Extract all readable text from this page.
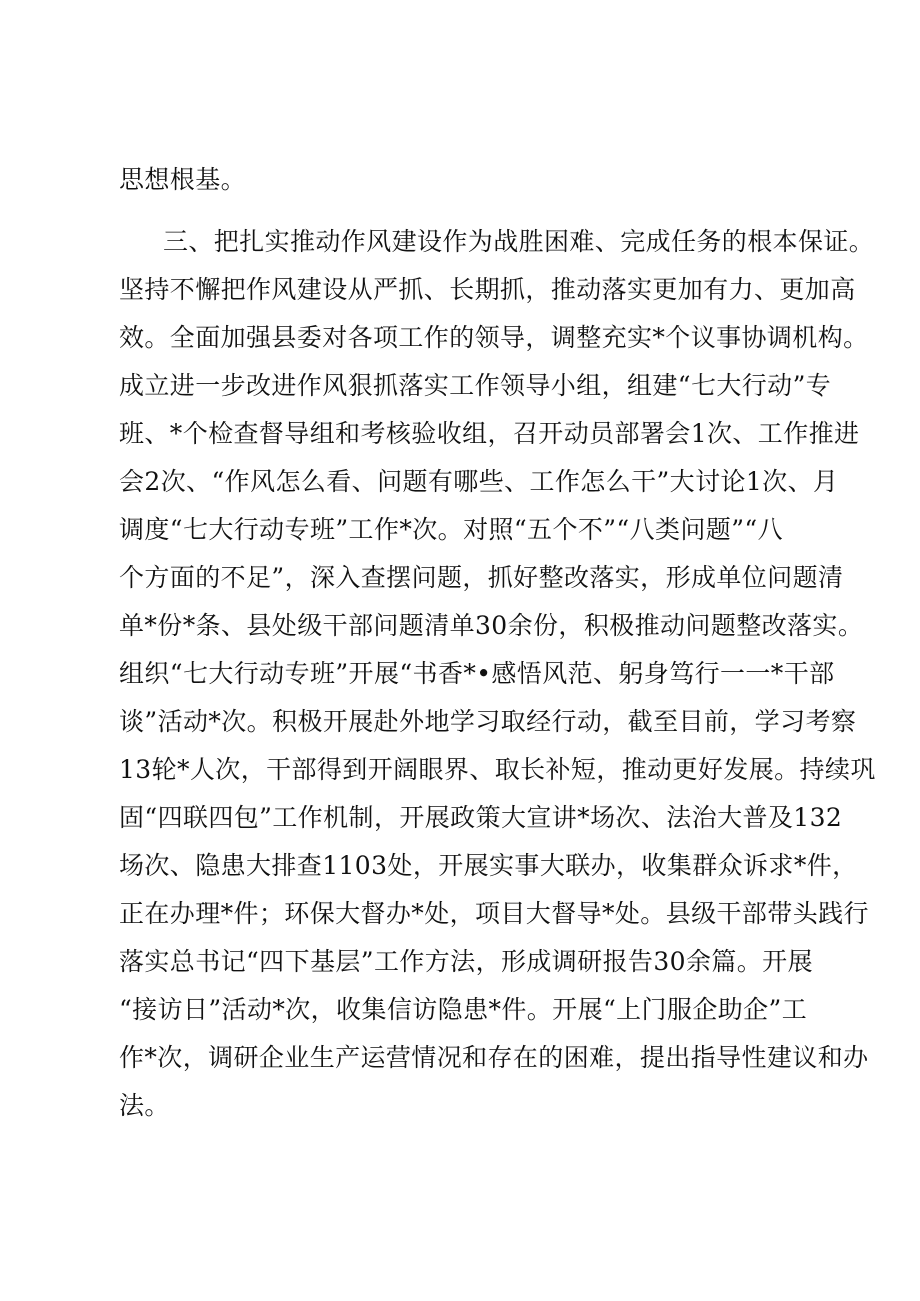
思想根基。
三、把扎实推动作风建设作为战胜困难、完成任务的根本保证。
坚持不懈把作风建设从严抓、长期抓，推动落实更加有力、更加高
效。全面加强县委对各项工作的领导，调整充实*个议事协调机构。
成立进一步改进作风狠抓落实工作领导小组，组建“七大行动”专
班、*个检查督导组和考核验收组，召开动员部署会1次、工作推进
会2次、“作风怎么看、问题有哪些、工作怎么干”大讨论1次、月
调度“七大行动专班”工作*次。对照“五个不”“八类问题”“八
个方面的不足”，深入查摆问题，抓好整改落实，形成单位问题清
单*份*条、县处级干部问题清单30余份，积极推动问题整改落实。
组织“七大行动专班”开展“书香*•感悟风范、躬身笃行一一*干部
谈”活动*次。积极开展赴外地学习取经行动，截至目前，学习考察
13轮*人次，干部得到开阔眼界、取长补短，推动更好发展。持续巩
固“四联四包”工作机制，开展政策大宣讲*场次、法治大普及132
场次、隐患大排查1103处，开展实事大联办，收集群众诉求*件，
正在办理*件；环保大督办*处，项目大督导*处。县级干部带头践行
落实总书记“四下基层”工作方法，形成调研报告30余篇。开展
“接访日”活动*次，收集信访隐患*件。开展“上门服企助企”工
作*次，调研企业生产运营情况和存在的困难，提出指导性建议和办
法。
